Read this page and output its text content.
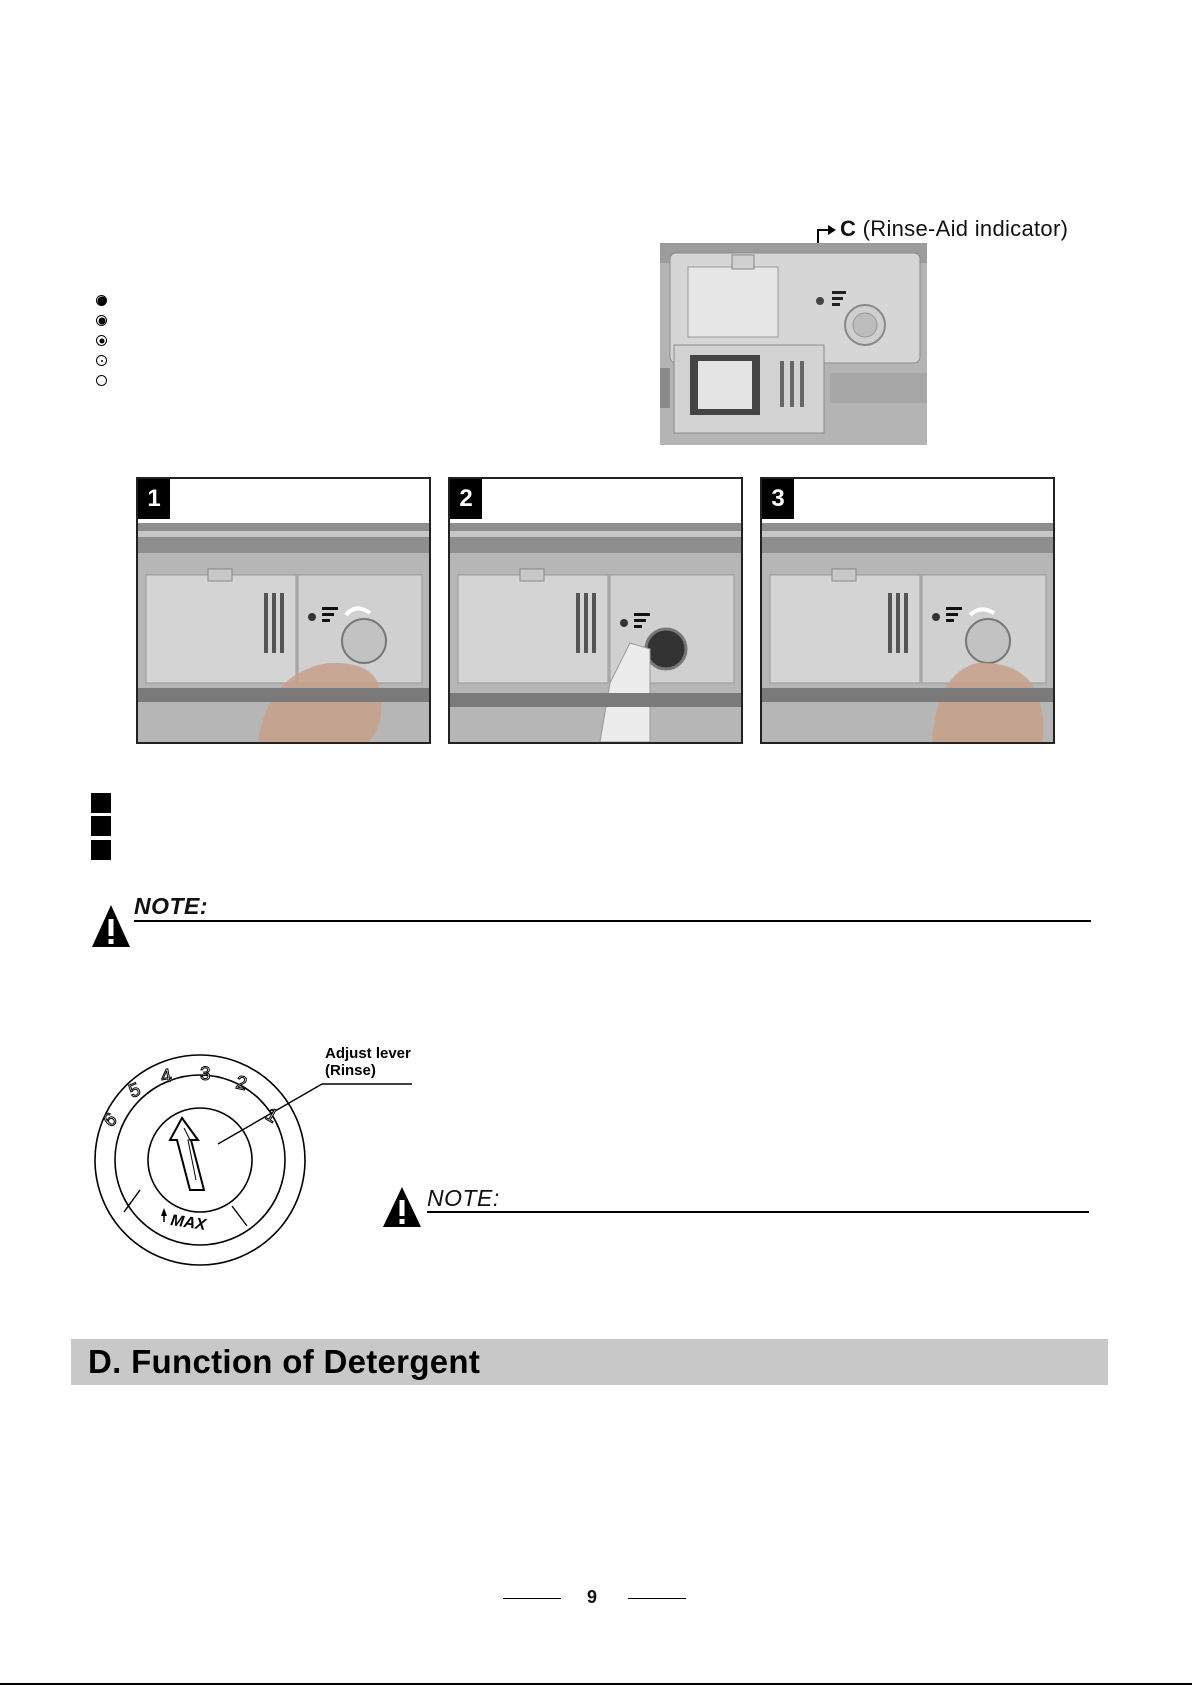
C (Rinse-Aid indicator)
1	2	3
NOTE:
1
2
3
4
5
6
MAX
Adjust lever
(Rinse)
NOTE:
D. Function of Detergent
9
